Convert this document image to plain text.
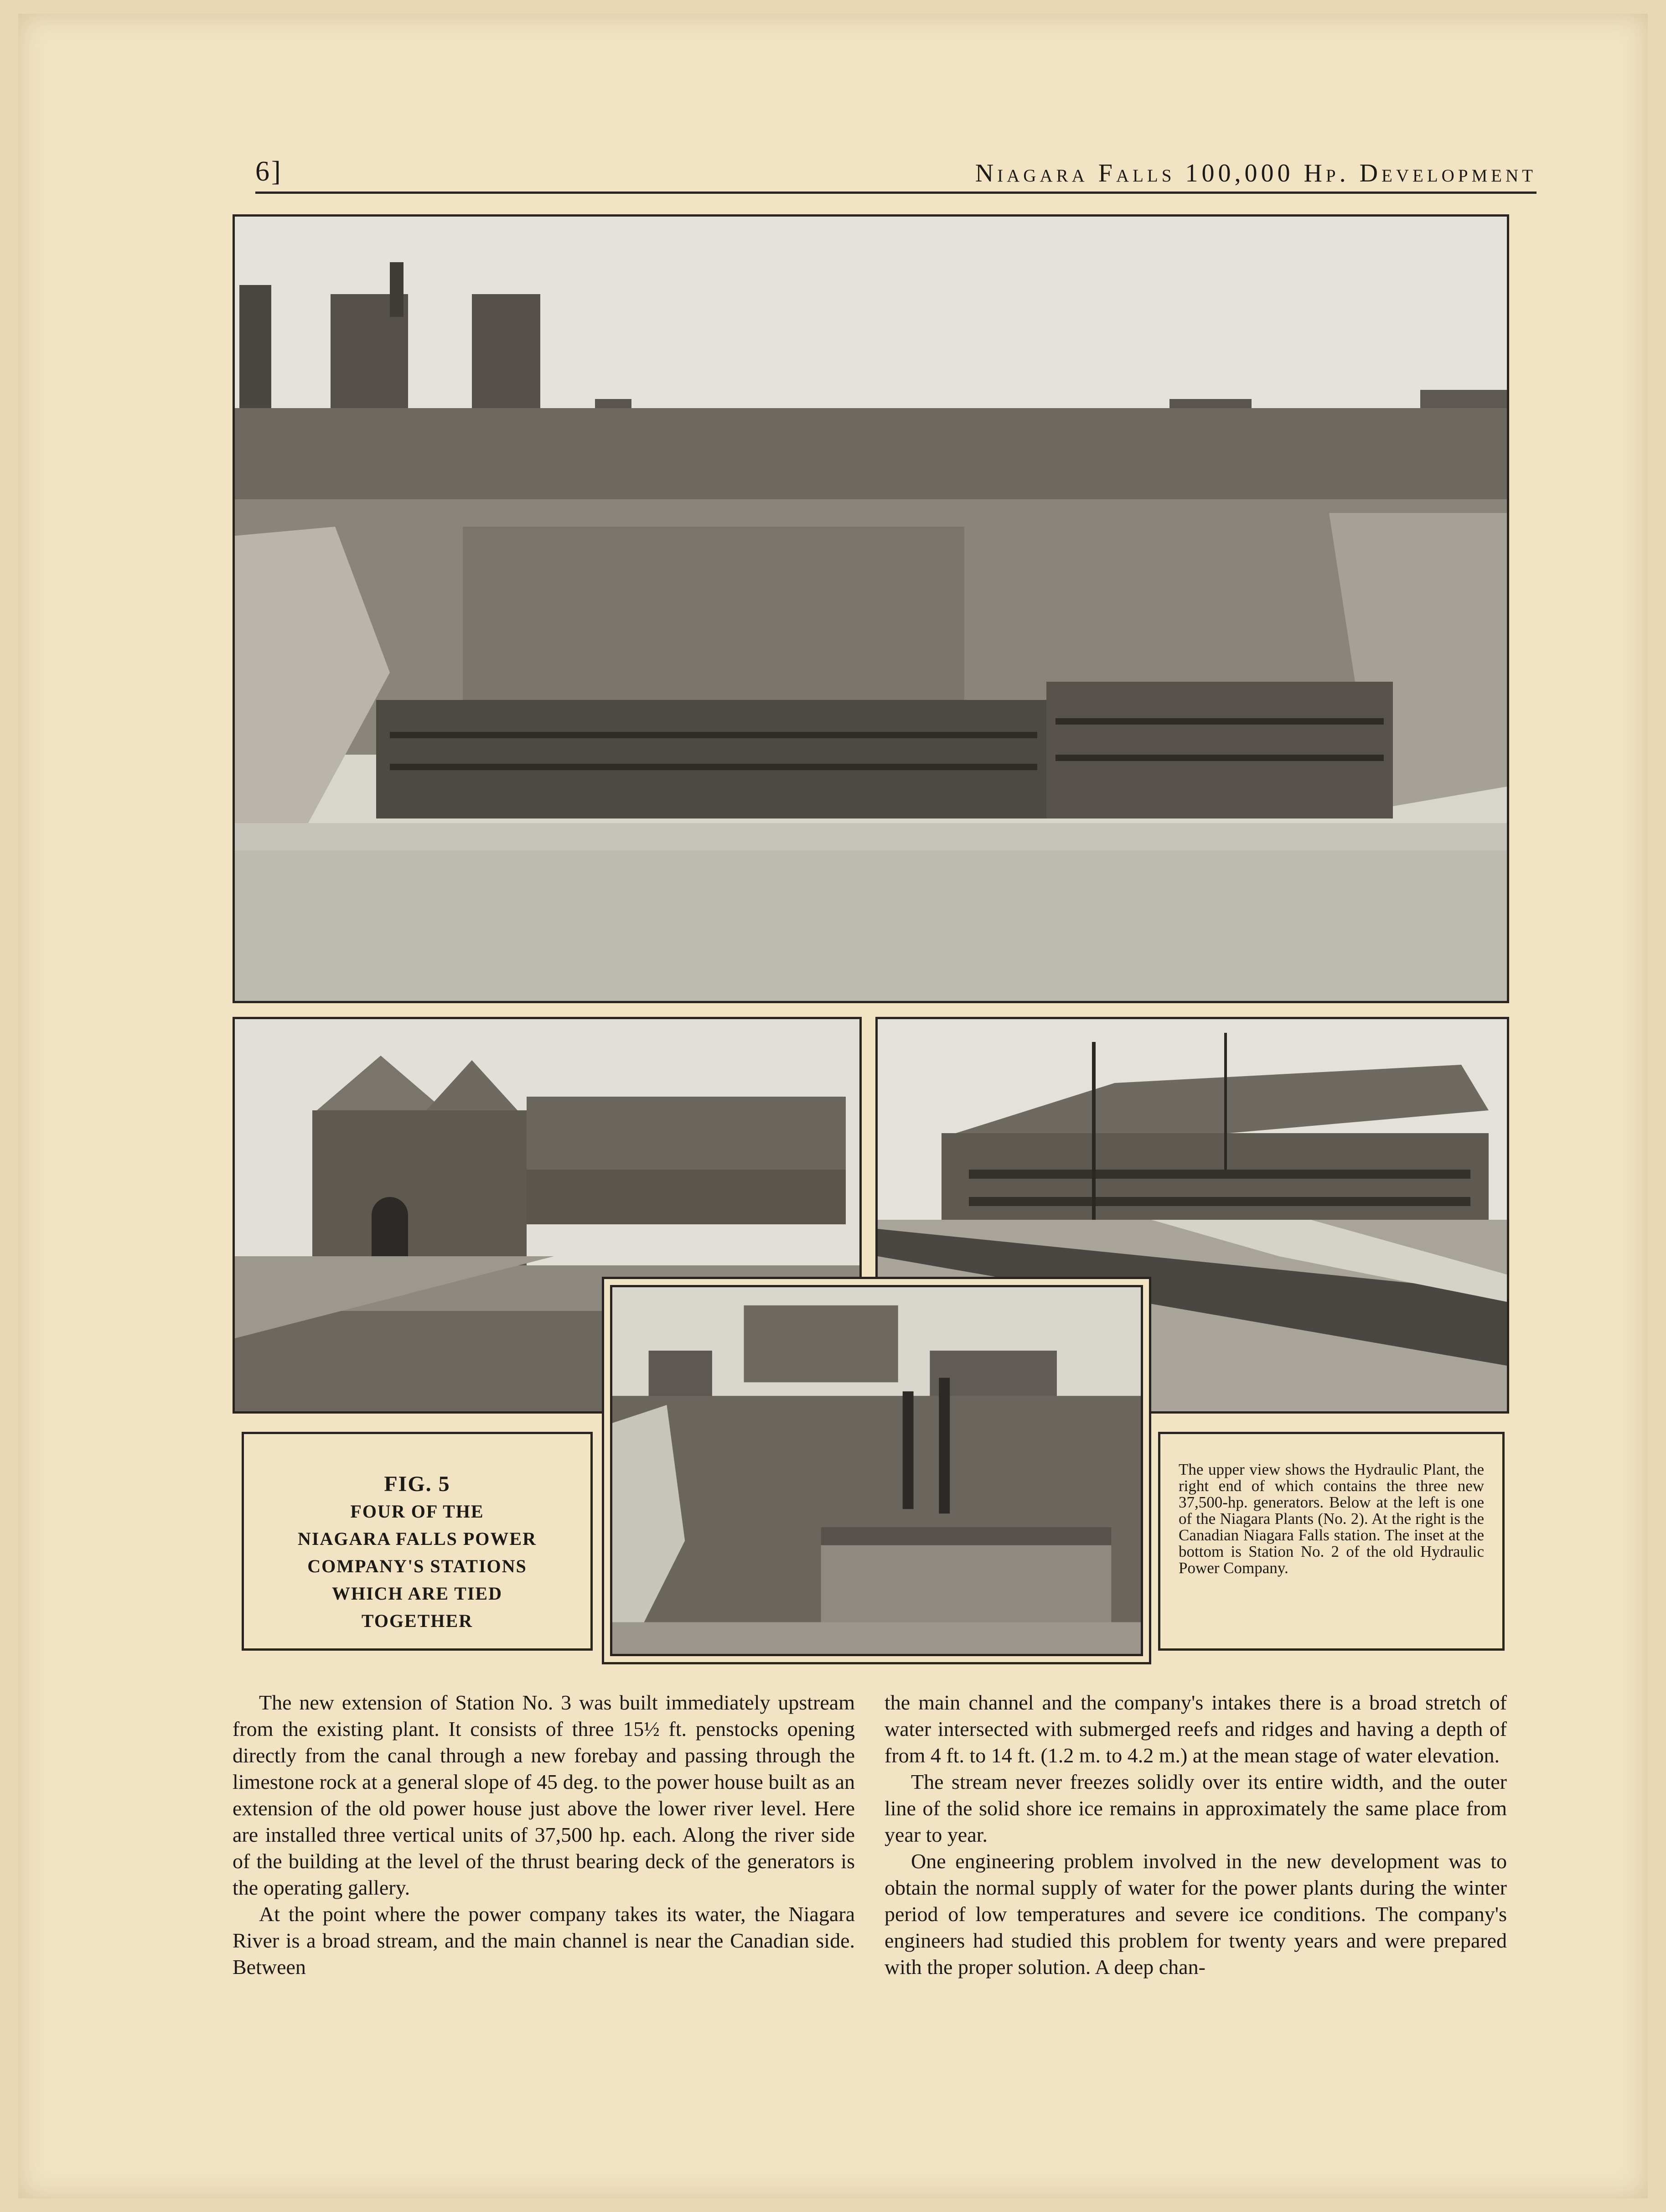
6]	Niagara Falls 100,000 Hp. Development
FIG. 5
FOUR OF THE
NIAGARA FALLS POWER
COMPANY'S STATIONS
WHICH ARE TIED
TOGETHER
The upper view shows the Hydraulic Plant, the right end of which contains the three new 37,500-hp. generators. Below at the left is one of the Niagara Plants (No. 2). At the right is the Canadian Niagara Falls station. The inset at the bottom is Station No. 2 of the old Hydraulic Power Company.

The new extension of Station No. 3 was built immediately upstream from the existing plant. It consists of three 15½ ft. penstocks opening directly from the canal through a new forebay and passing through the limestone rock at a general slope of 45 deg. to the power house built as an extension of the old power house just above the lower river level. Here are installed three vertical units of 37,500 hp. each. Along the river side of the building at the level of the thrust bearing deck of the generators is the operating gallery.

At the point where the power company takes its water, the Niagara River is a broad stream, and the main channel is near the Canadian side. Between

the main channel and the company's intakes there is a broad stretch of water intersected with submerged reefs and ridges and having a depth of from 4 ft. to 14 ft. (1.2 m. to 4.2 m.) at the mean stage of water elevation.

The stream never freezes solidly over its entire width, and the outer line of the solid shore ice remains in approximately the same place from year to year.

One engineering problem involved in the new development was to obtain the normal supply of water for the power plants during the winter period of low temperatures and severe ice conditions. The company's engineers had studied this problem for twenty years and were prepared with the proper solution. A deep chan-
